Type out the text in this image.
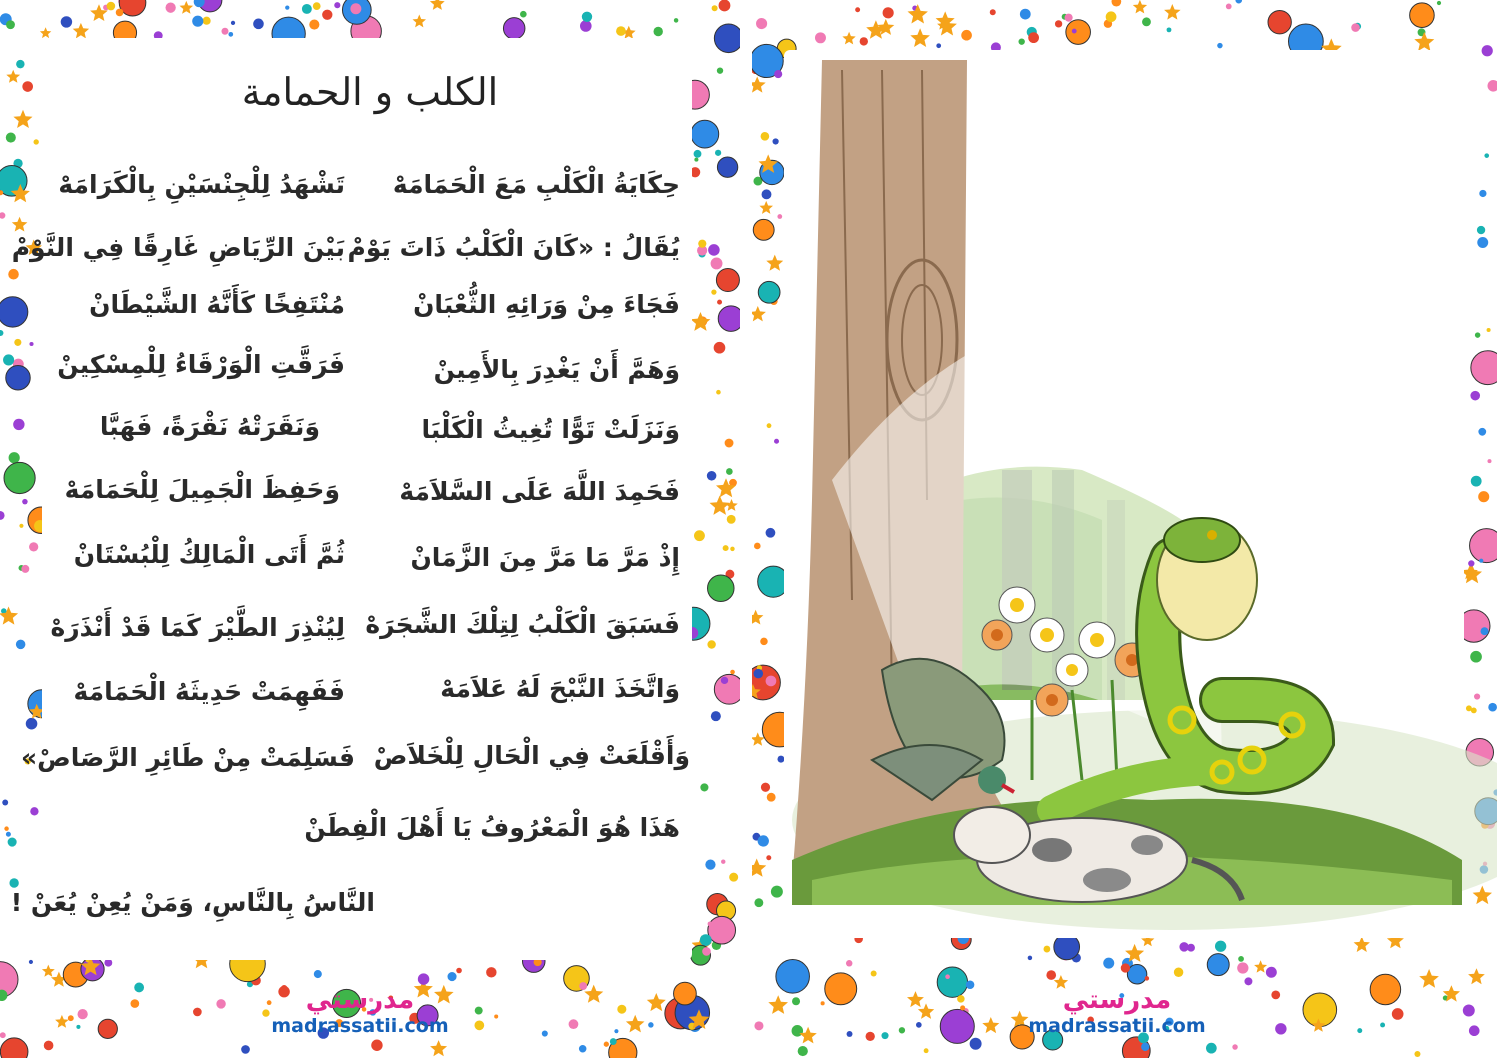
الكلب و الحمامة
حِكَايَةُ الْكَلْبِ مَعَ الْحَمَامَهْ
تَشْهَدُ لِلْجِنْسَيْنِ بِالْكَرَامَهْ
يُقَالُ : «كَانَ الْكَلْبُ ذَاتَ يَوْمْ
بَيْنَ الرِّيَاضِ غَارِقًا فِي النَّوْمْ
فَجَاءَ مِنْ وَرَائِهِ الثُّعْبَانْ
مُنْتَفِخًا كَأَنَّهُ الشَّيْطَانْ
وَهَمَّ أَنْ يَغْدِرَ بِالأَمِينْ
فَرَقَّتِ الْوَرْقَاءُ لِلْمِسْكِينْ
وَنَزَلَتْ تَوًّا تُغِيثُ الْكَلْبَا
وَنَقَرَتْهُ نَقْرَةً، فَهَبَّا
فَحَمِدَ اللَّهَ عَلَى السَّلاَمَهْ
وَحَفِظَ الْجَمِيلَ لِلْحَمَامَهْ
إِذْ مَرَّ مَا مَرَّ مِنَ الزَّمَانْ
ثُمَّ أَتَى الْمَالِكُ لِلْبُسْتَانْ
فَسَبَقَ الْكَلْبُ لِتِلْكَ الشَّجَرَهْ
لِيُنْذِرَ الطَّيْرَ كَمَا قَدْ أَنْذَرَهْ
وَاتَّخَذَ النَّبْحَ لَهُ عَلاَمَهْ
فَفَهِمَتْ حَدِيثَهُ الْحَمَامَهْ
وَأَقْلَعَتْ فِي الْحَالِ لِلْخَلاَصْ
فَسَلِمَتْ مِنْ طَائِرِ الرَّصَاصْ»
هَذَا هُوَ الْمَعْرُوفُ يَا أَهْلَ الْفِطَنْ
النَّاسُ بِالنَّاسِ، وَمَنْ يُعِنْ يُعَنْ !
مدرستي
madrassatii.com
مدرستي
madrassatii.com
